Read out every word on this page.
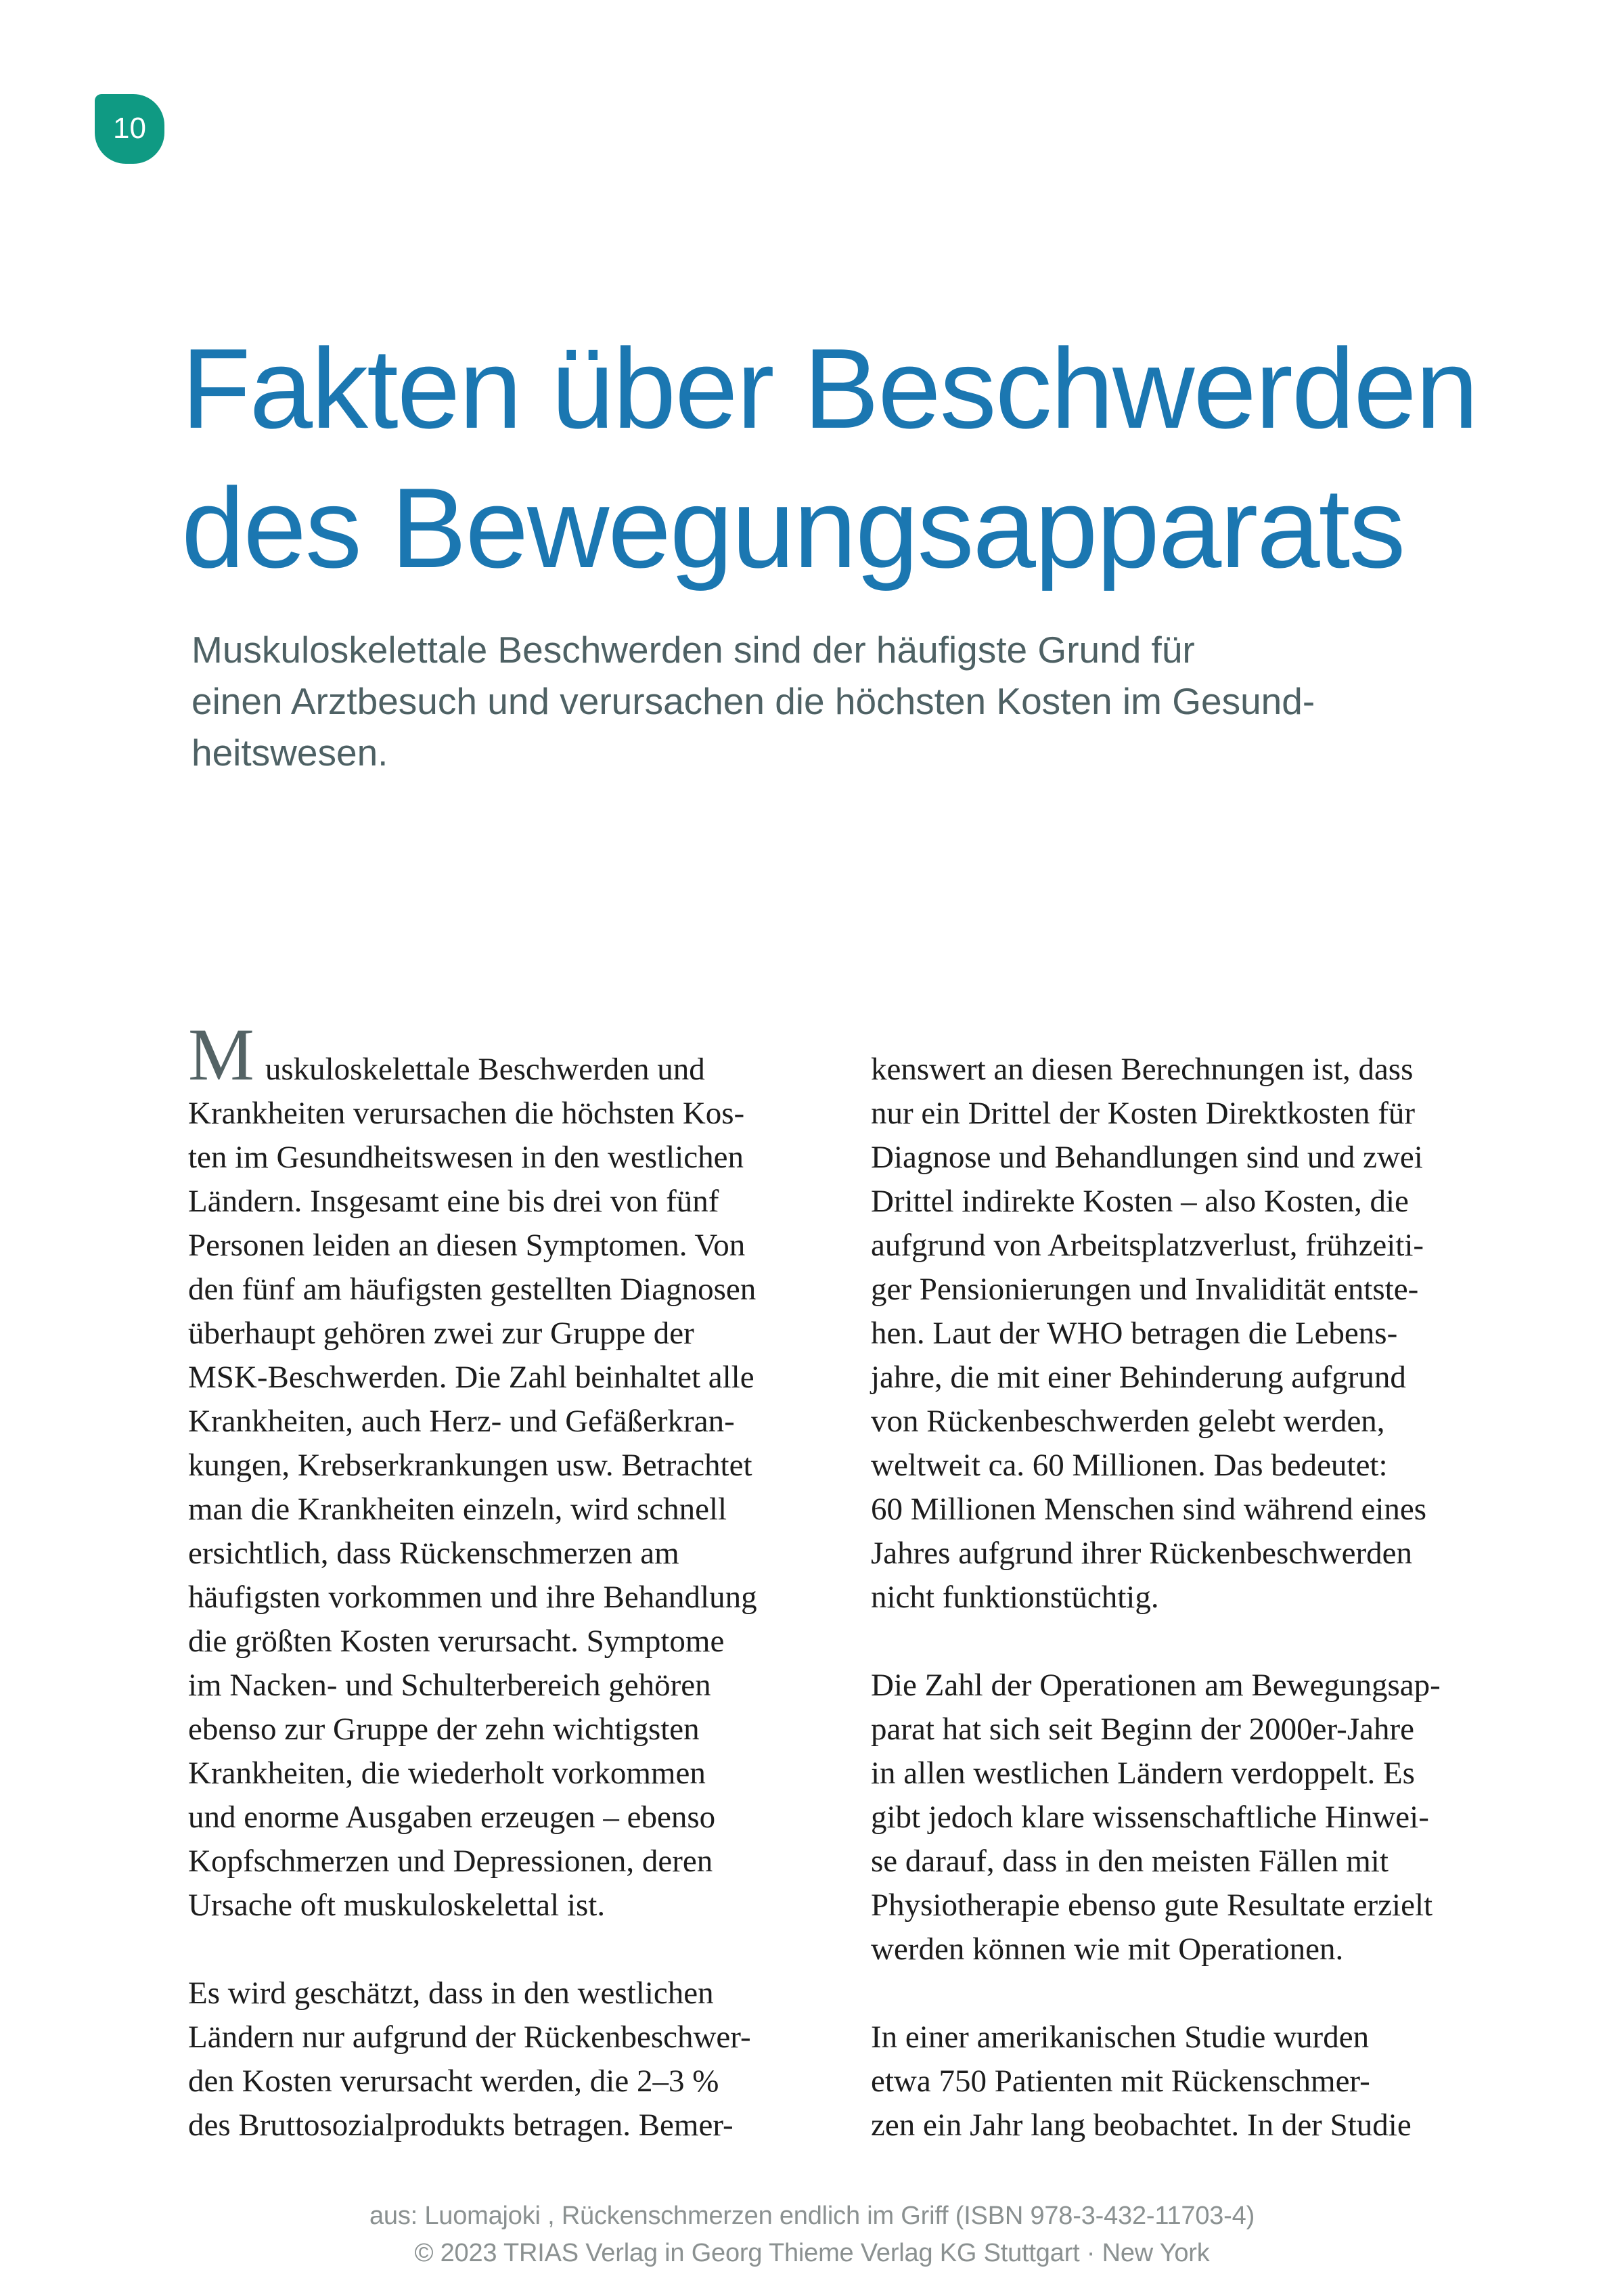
10
Fakten über Beschwerden
des Bewegungsapparats
Muskuloskelettale Beschwerden sind der häufigste Grund für
einen Arztbesuch und verursachen die höchsten Kosten im Gesund-
heitswesen.
Muskuloskelettale Beschwerden und
Krankheiten verursachen die höchsten Kos-
ten im Gesundheitswesen in den westlichen
Ländern. Insgesamt eine bis drei von fünf
Personen leiden an diesen Symptomen. Von
den fünf am häufigsten gestellten Diagnosen
überhaupt gehören zwei zur Gruppe der
MSK-Beschwerden. Die Zahl beinhaltet alle
Krankheiten, auch Herz- und Gefäßerkran-
kungen, Krebserkrankungen usw. Betrachtet
man die Krankheiten einzeln, wird schnell
ersichtlich, dass Rückenschmerzen am
häufigsten vorkommen und ihre Behandlung
die größten Kosten verursacht. Symptome
im Nacken- und Schulterbereich gehören
ebenso zur Gruppe der zehn wichtigsten
Krankheiten, die wiederholt vorkommen
und enorme Ausgaben erzeugen – ebenso
Kopfschmerzen und Depressionen, deren
Ursache oft muskuloskelettal ist.
Es wird geschätzt, dass in den westlichen
Ländern nur aufgrund der Rückenbeschwer-
den Kosten verursacht werden, die 2–3 %
des Bruttosozialprodukts betragen. Bemer-
kenswert an diesen Berechnungen ist, dass
nur ein Drittel der Kosten Direktkosten für
Diagnose und Behandlungen sind und zwei
Drittel indirekte Kosten – also Kosten, die
aufgrund von Arbeitsplatzverlust, frühzeiti-
ger Pensionierungen und Invalidität entste-
hen. Laut der WHO betragen die Lebens-
jahre, die mit einer Behinderung aufgrund
von Rückenbeschwerden gelebt werden,
weltweit ca. 60 Millionen. Das bedeutet:
60 Millionen Menschen sind während eines
Jahres aufgrund ihrer Rückenbeschwerden
nicht funktionstüchtig.
Die Zahl der Operationen am Bewegungsap-
parat hat sich seit Beginn der 2000er-Jahre
in allen westlichen Ländern verdoppelt. Es
gibt jedoch klare wissenschaftliche Hinwei-
se darauf, dass in den meisten Fällen mit
Physiotherapie ebenso gute Resultate erzielt
werden können wie mit Operationen.
In einer amerikanischen Studie wurden
etwa 750 Patienten mit Rückenschmer-
zen ein Jahr lang beobachtet. In der Studie
aus: Luomajoki , Rückenschmerzen endlich im Griff (ISBN 978-3-432-11703-4)
© 2023 TRIAS Verlag in Georg Thieme Verlag KG Stuttgart · New York
